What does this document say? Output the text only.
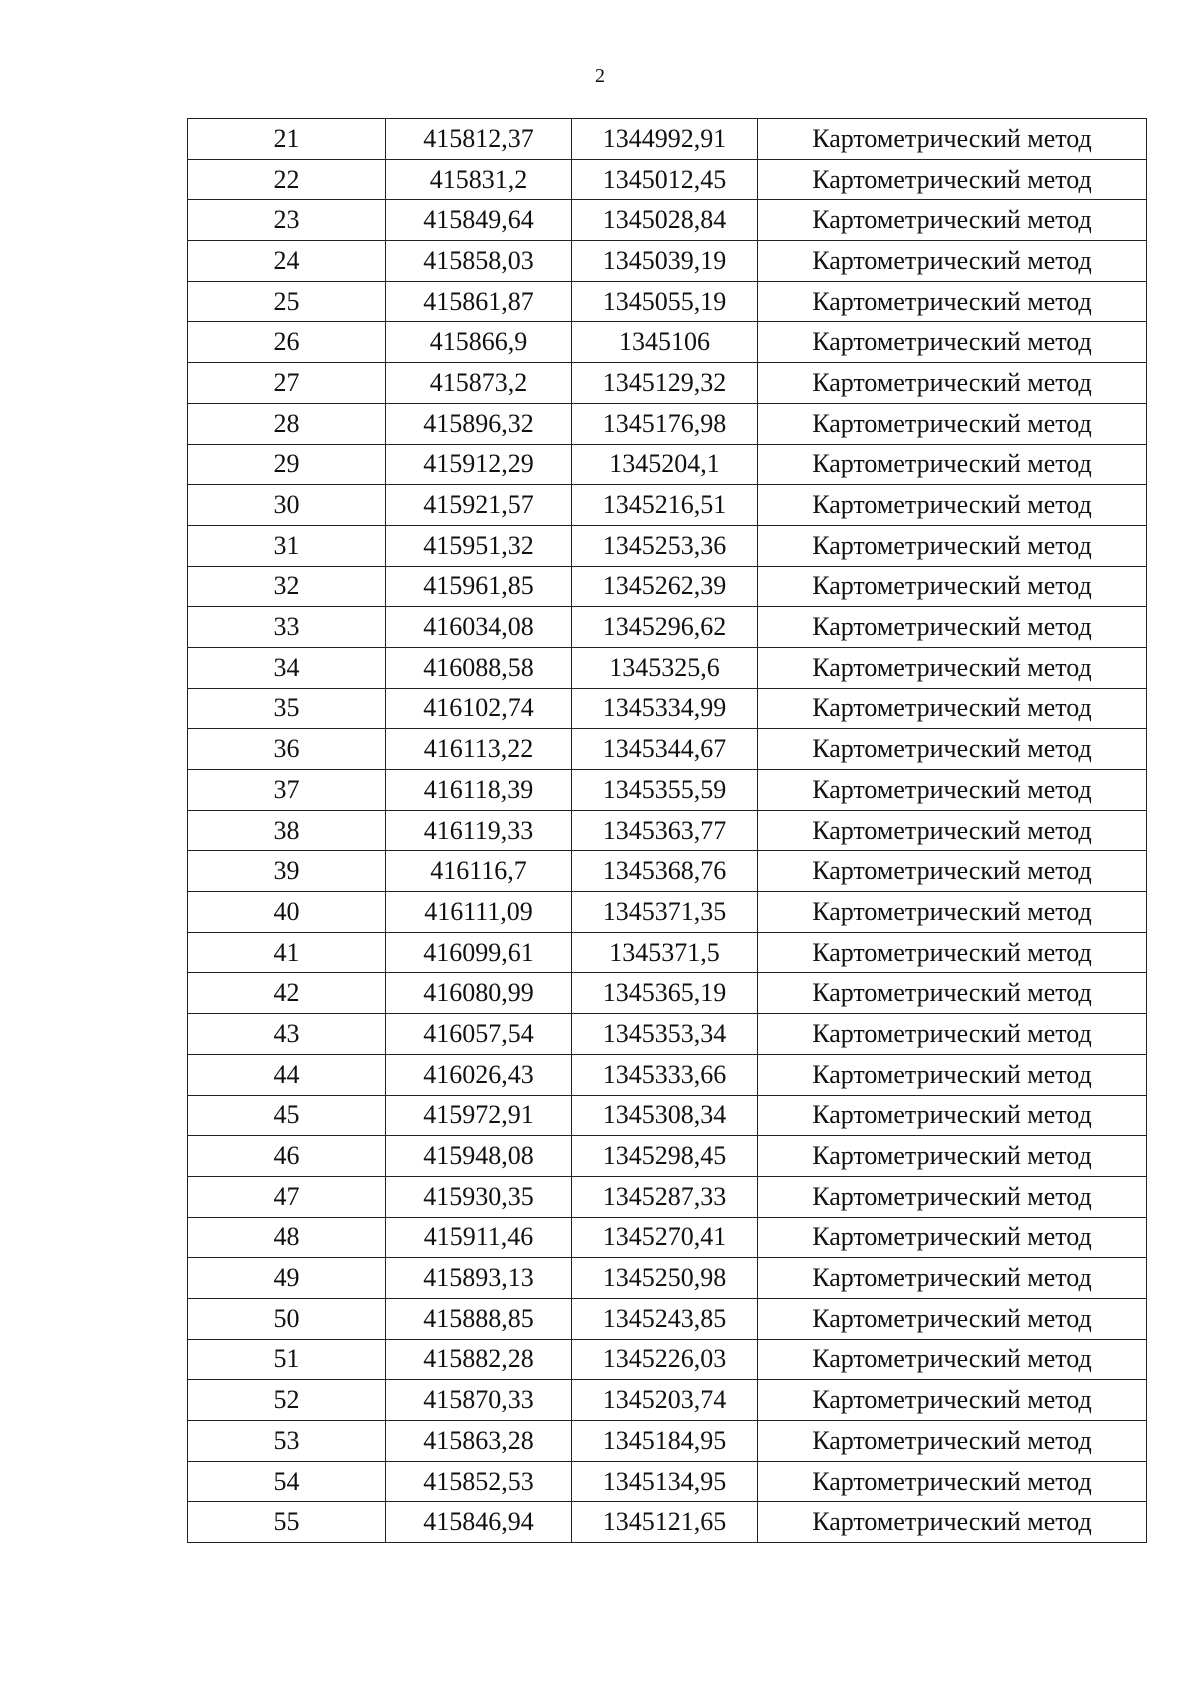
2
21	415812,37	1344992,91	Картометрический метод
22	415831,2	1345012,45	Картометрический метод
23	415849,64	1345028,84	Картометрический метод
24	415858,03	1345039,19	Картометрический метод
25	415861,87	1345055,19	Картометрический метод
26	415866,9	1345106	Картометрический метод
27	415873,2	1345129,32	Картометрический метод
28	415896,32	1345176,98	Картометрический метод
29	415912,29	1345204,1	Картометрический метод
30	415921,57	1345216,51	Картометрический метод
31	415951,32	1345253,36	Картометрический метод
32	415961,85	1345262,39	Картометрический метод
33	416034,08	1345296,62	Картометрический метод
34	416088,58	1345325,6	Картометрический метод
35	416102,74	1345334,99	Картометрический метод
36	416113,22	1345344,67	Картометрический метод
37	416118,39	1345355,59	Картометрический метод
38	416119,33	1345363,77	Картометрический метод
39	416116,7	1345368,76	Картометрический метод
40	416111,09	1345371,35	Картометрический метод
41	416099,61	1345371,5	Картометрический метод
42	416080,99	1345365,19	Картометрический метод
43	416057,54	1345353,34	Картометрический метод
44	416026,43	1345333,66	Картометрический метод
45	415972,91	1345308,34	Картометрический метод
46	415948,08	1345298,45	Картометрический метод
47	415930,35	1345287,33	Картометрический метод
48	415911,46	1345270,41	Картометрический метод
49	415893,13	1345250,98	Картометрический метод
50	415888,85	1345243,85	Картометрический метод
51	415882,28	1345226,03	Картометрический метод
52	415870,33	1345203,74	Картометрический метод
53	415863,28	1345184,95	Картометрический метод
54	415852,53	1345134,95	Картометрический метод
55	415846,94	1345121,65	Картометрический метод
